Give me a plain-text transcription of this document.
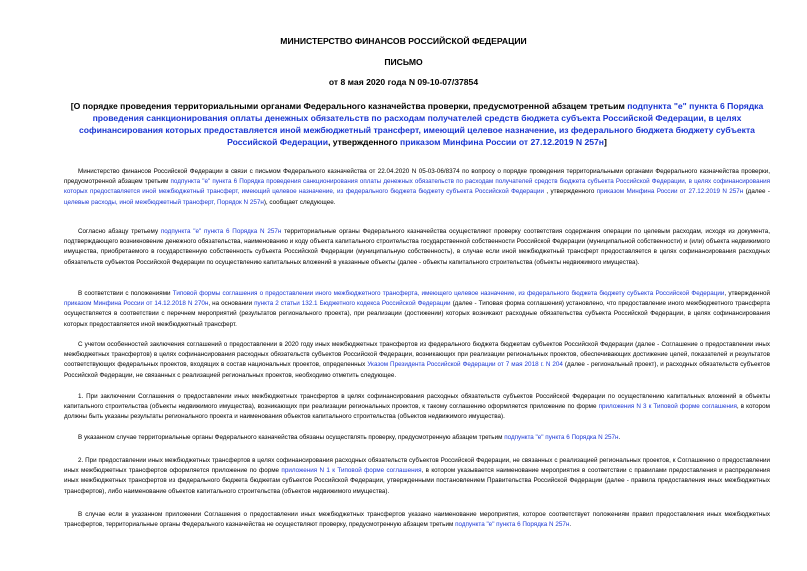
МИНИСТЕРСТВО ФИНАНСОВ РОССИЙСКОЙ ФЕДЕРАЦИИ
ПИСЬМО
от 8 мая 2020 года N 09-10-07/37854
[О порядке проведения территориальными органами Федерального казначейства проверки, предусмотренной абзацем третьим подпункта "е" пункта 6 Порядка проведения санкционирования оплаты денежных обязательств по расходам получателей средств бюджета субъекта Российской Федерации, в целях софинансирования которых предоставляется иной межбюджетный трансферт, имеющий целевое назначение, из федерального бюджета бюджету субъекта Российской Федерации, утвержденного приказом Минфина России от 27.12.2019 N 257н]
Министерство финансов Российской Федерации в связи с письмом Федерального казначейства от 22.04.2020 N 05-03-06/8374 по вопросу о порядке проведения территориальными органами Федерального казначейства проверки, предусмотренной абзацем третьим подпункта "е" пункта 6 Порядка проведения санкционирования оплаты денежных обязательств по расходам получателей средств бюджета субъекта Российской Федерации, в целях софинансирования которых предоставляется иной межбюджетный трансферт, имеющий целевое назначение, из федерального бюджета бюджету субъекта Российской Федерации , утвержденного приказом Минфина России от 27.12.2019 N 257н (далее - целевые расходы, иной межбюджетный трансферт, Порядок N 257н), сообщает следующее.
Согласно абзацу третьему подпункта "е" пункта 6 Порядка N 257н территориальные органы Федерального казначейства осуществляют проверку соответствия содержания операции по целевым расходам, исходя из документа, подтверждающего возникновение денежного обязательства, наименованию и коду объекта капитального строительства государственной собственности Российской Федерации (муниципальной собственности) и (или) объекта недвижимого имущества, приобретаемого в государственную собственность субъекта Российской Федерации (муниципальную собственность), в случае если иной межбюджетный трансферт предоставляется в целях софинансирования расходных обязательств субъектов Российской Федерации по осуществлению капитальных вложений в указанные объекты (далее - объекты капитального строительства (объекты недвижимого имущества).
В соответствии с положениями Типовой формы соглашения о предоставлении иного межбюджетного трансферта, имеющего целевое назначение, из федерального бюджета бюджету субъекта Российской Федерации, утвержденной приказом Минфина России от 14.12.2018 N 270н, на основании пункта 2 статьи 132.1 Бюджетного кодекса Российской Федерации (далее - Типовая форма соглашения) установлено, что предоставление иного межбюджетного трансферта осуществляется в соответствии с перечнем мероприятий (результатов регионального проекта), при реализации (достижении) которых возникают расходные обязательства субъекта Российской Федерации, в целях софинансирования которых предоставляется иной межбюджетный трансферт.
С учетом особенностей заключения соглашений о предоставлении в 2020 году иных межбюджетных трансфертов из федерального бюджета бюджетам субъектов Российской Федерации (далее - Соглашение о предоставлении иных межбюджетных трансфертов) в целях софинансирования расходных обязательств субъектов Российской Федерации, возникающих при реализации региональных проектов, обеспечивающих достижение целей, показателей и результатов соответствующих федеральных проектов, входящих в состав национальных проектов, определенных Указом Президента Российской Федерации от 7 мая 2018 г. N 204 (далее - региональный проект), и расходных обязательств субъектов Российской Федерации, не связанных с реализацией региональных проектов, необходимо отметить следующее.
1. При заключении Соглашения о предоставлении иных межбюджетных трансфертов в целях софинансирования расходных обязательств субъектов Российской Федерации по осуществлению капитальных вложений в объекты капитального строительства (объекты недвижимого имущества), возникающих при реализации региональных проектов, к такому соглашению оформляется приложение по форме приложения N 3 к Типовой форме соглашения, в котором должны быть указаны результаты регионального проекта и наименования объектов капитального строительства (объектов недвижимого имущества).
В указанном случае территориальные органы Федерального казначейства обязаны осуществлять проверку, предусмотренную абзацем третьим подпункта "е" пункта 6 Порядка N 257н.
2. При предоставлении иных межбюджетных трансфертов в целях софинансирования расходных обязательств субъектов Российской Федерации, не связанных с реализацией региональных проектов, к Соглашению о предоставлении иных межбюджетных трансфертов оформляется приложение по форме приложения N 1 к Типовой форме соглашения, в котором указывается наименование мероприятия в соответствии с правилами предоставления и распределения иных межбюджетных трансфертов из федерального бюджета бюджетам субъектов Российской Федерации, утвержденными постановлением Правительства Российской Федерации (далее - правила предоставления иных межбюджетных трансфертов), либо наименование объектов капитального строительства (объектов недвижимого имущества).
В случае если в указанном приложении Соглашения о предоставлении иных межбюджетных трансфертов указано наименование мероприятия, которое соответствует положениям правил предоставления иных межбюджетных трансфертов, территориальные органы Федерального казначейства не осуществляют проверку, предусмотренную абзацем третьим подпункта "е" пункта 6 Порядка N 257н.
